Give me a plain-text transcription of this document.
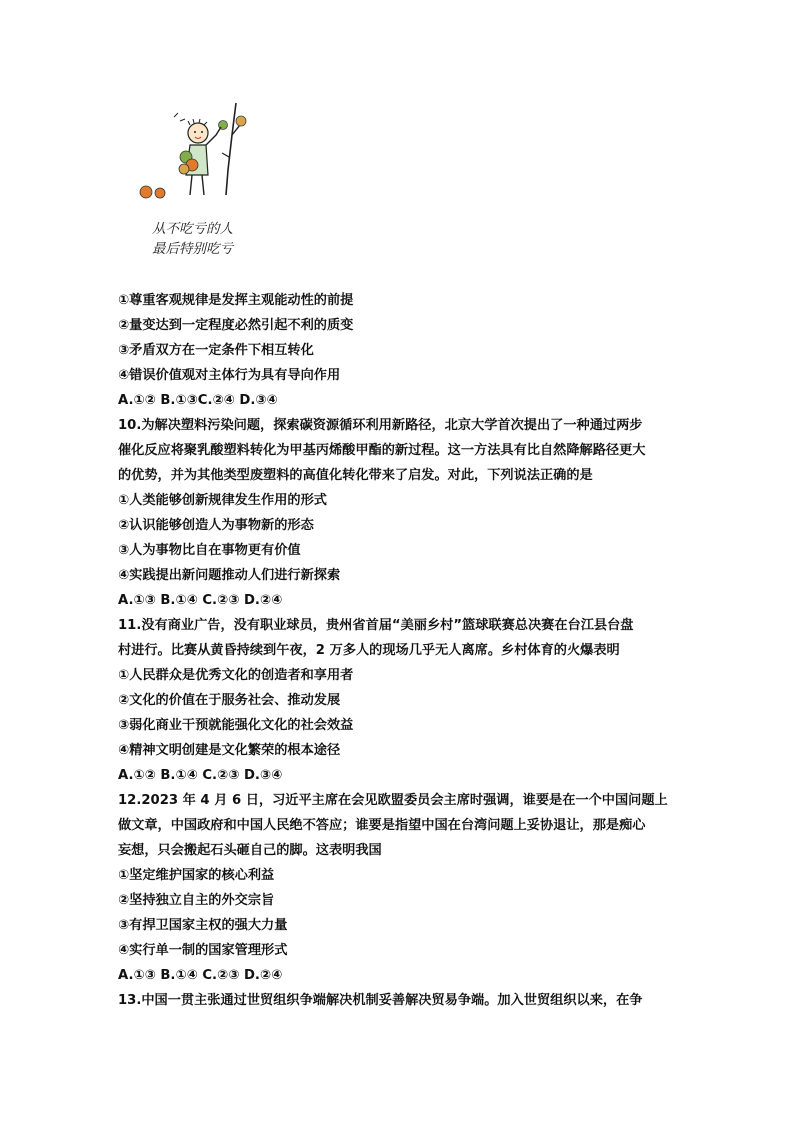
从不吃亏的人
最后特别吃亏
①尊重客观规律是发挥主观能动性的前提
②量变达到一定程度必然引起不利的质变
③矛盾双方在一定条件下相互转化
④错误价值观对主体行为具有导向作用
A.①② B.①③C.②④ D.③④
10.为解决塑料污染问题，探索碳资源循环利用新路径，北京大学首次提出了一种通过两步
催化反应将聚乳酸塑料转化为甲基丙烯酸甲酯的新过程。这一方法具有比自然降解路径更大
的优势，并为其他类型废塑料的高值化转化带来了启发。对此，下列说法正确的是
①人类能够创新规律发生作用的形式
②认识能够创造人为事物新的形态
③人为事物比自在事物更有价值
④实践提出新问题推动人们进行新探索
A.①③ B.①④ C.②③ D.②④
11.没有商业广告，没有职业球员，贵州省首届“美丽乡村”篮球联赛总决赛在台江县台盘
村进行。比赛从黄昏持续到午夜，2 万多人的现场几乎无人离席。乡村体育的火爆表明
①人民群众是优秀文化的创造者和享用者
②文化的价值在于服务社会、推动发展
③弱化商业干预就能强化文化的社会效益
④精神文明创建是文化繁荣的根本途径
A.①② B.①④ C.②③ D.③④
12.2023 年 4 月 6 日，习近平主席在会见欧盟委员会主席时强调，谁要是在一个中国问题上
做文章，中国政府和中国人民绝不答应；谁要是指望中国在台湾问题上妥协退让，那是痴心
妄想，只会搬起石头砸自己的脚。这表明我国
①坚定维护国家的核心利益
②坚持独立自主的外交宗旨
③有捍卫国家主权的强大力量
④实行单一制的国家管理形式
A.①③ B.①④ C.②③ D.②④
13.中国一贯主张通过世贸组织争端解决机制妥善解决贸易争端。加入世贸组织以来，在争
